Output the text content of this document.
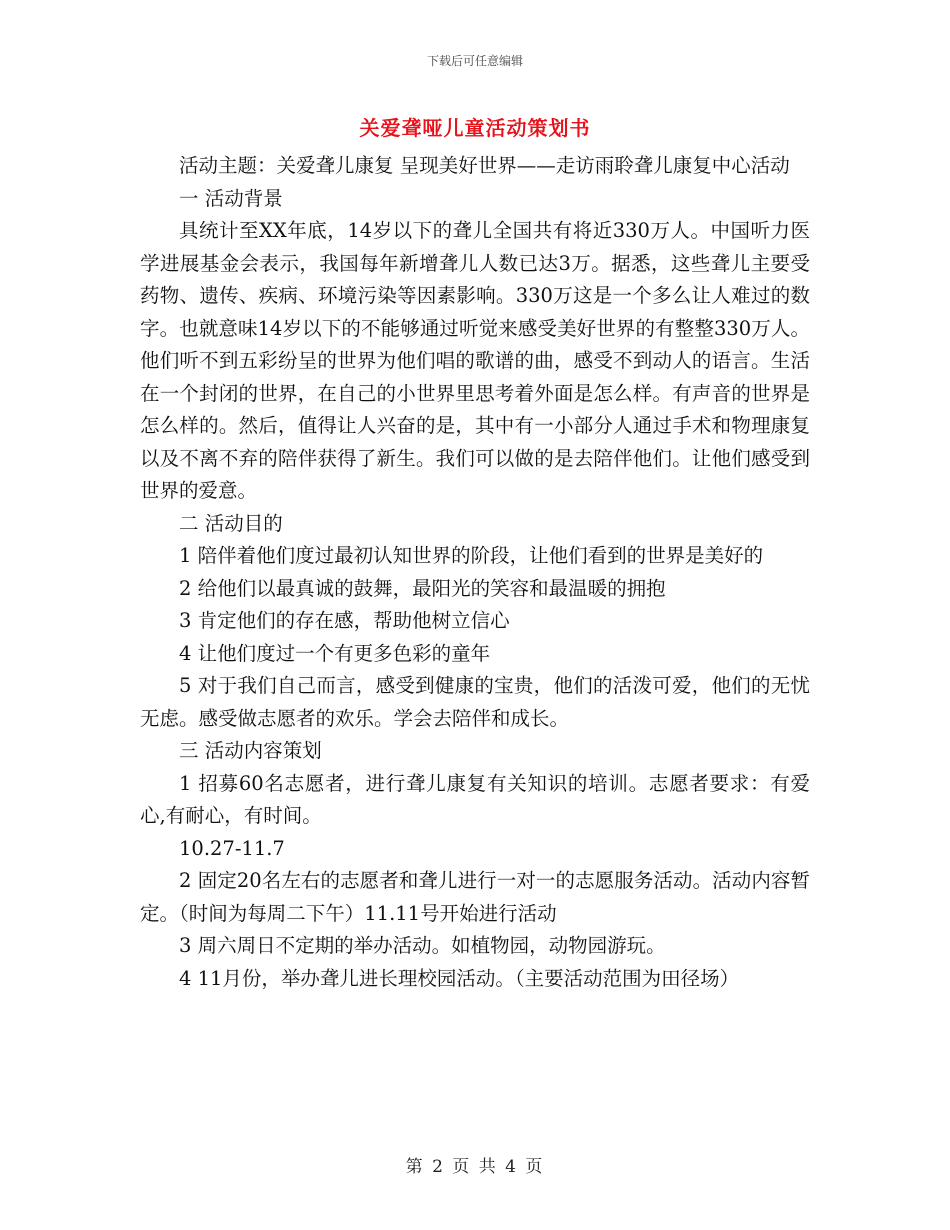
下载后可任意编辑
关爱聋哑儿童活动策划书

活动主题：关爱聋儿康复 呈现美好世界——走访雨聆聋儿康复中心活动

一 活动背景

具统计至XX年底，14岁以下的聋儿全国共有将近330万人。中国听力医学进展基金会表示，我国每年新增聋儿人数已达3万。据悉，这些聋儿主要受药物、遗传、疾病、环境污染等因素影响。330万这是一个多么让人难过的数字。也就意味14岁以下的不能够通过听觉来感受美好世界的有整整330万人。他们听不到五彩纷呈的世界为他们唱的歌谱的曲，感受不到动人的语言。生活在一个封闭的世界，在自己的小世界里思考着外面是怎么样。有声音的世界是怎么样的。然后，值得让人兴奋的是，其中有一小部分人通过手术和物理康复以及不离不弃的陪伴获得了新生。我们可以做的是去陪伴他们。让他们感受到世界的爱意。

二 活动目的

1 陪伴着他们度过最初认知世界的阶段，让他们看到的世界是美好的

2 给他们以最真诚的鼓舞，最阳光的笑容和最温暖的拥抱

3 肯定他们的存在感，帮助他树立信心

4 让他们度过一个有更多色彩的童年

5 对于我们自己而言，感受到健康的宝贵，他们的活泼可爱，他们的无忧无虑。感受做志愿者的欢乐。学会去陪伴和成长。

三 活动内容策划

1 招募60名志愿者，进行聋儿康复有关知识的培训。志愿者要求：有爱心,有耐心，有时间。

10.27-11.7

2 固定20名左右的志愿者和聋儿进行一对一的志愿服务活动。活动内容暂定。（时间为每周二下午）11.11号开始进行活动

3 周六周日不定期的举办活动。如植物园，动物园游玩。

4 11月份，举办聋儿进长理校园活动。（主要活动范围为田径场）

第 2 页 共 4 页
